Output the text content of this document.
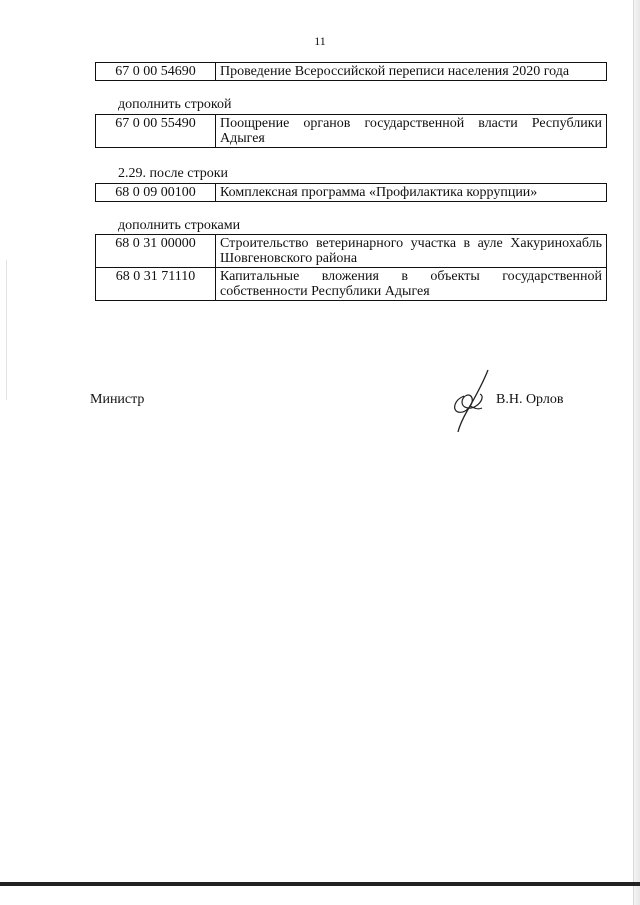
11
67 0 00 54690	Проведение Всероссийской переписи населения 2020 года
дополнить строкой
67 0 00 55490	Поощрение органов государственной власти Республики Адыгея
2.29. после строки
68 0 09 00100	Комплексная программа «Профилактика коррупции»
дополнить строками
68 0 31 00000	Строительство ветеринарного участка в ауле Хакуринохабль Шовгеновского района
68 0 31 71110	Капитальные вложения в объекты государственной собственности Республики Адыгея
Министр	В.Н. Орлов
